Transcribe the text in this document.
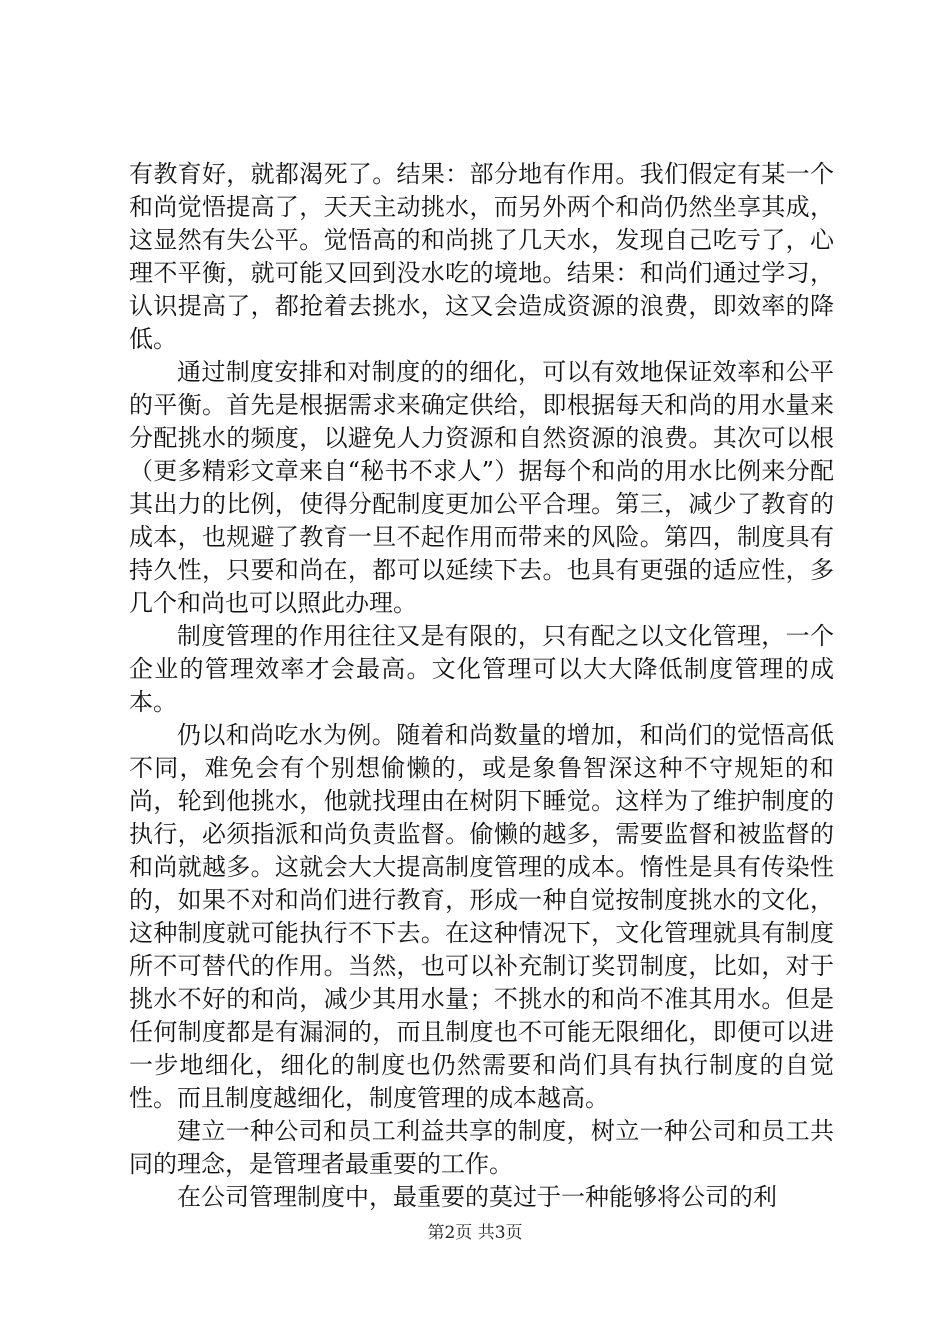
有教育好，就都渴死了。结果：部分地有作用。我们假定有某一个和尚觉悟提高了，天天主动挑水，而另外两个和尚仍然坐享其成，这显然有失公平。觉悟高的和尚挑了几天水，发现自己吃亏了，心理不平衡，就可能又回到没水吃的境地。结果：和尚们通过学习，认识提高了，都抢着去挑水，这又会造成资源的浪费，即效率的降低。

通过制度安排和对制度的的细化，可以有效地保证效率和公平的平衡。首先是根据需求来确定供给，即根据每天和尚的用水量来分配挑水的频度，以避免人力资源和自然资源的浪费。其次可以根（更多精彩文章来自“秘书不求人”）据每个和尚的用水比例来分配其出力的比例，使得分配制度更加公平合理。第三，减少了教育的成本，也规避了教育一旦不起作用而带来的风险。第四，制度具有持久性，只要和尚在，都可以延续下去。也具有更强的适应性，多几个和尚也可以照此办理。

制度管理的作用往往又是有限的，只有配之以文化管理，一个企业的管理效率才会最高。文化管理可以大大降低制度管理的成本。

仍以和尚吃水为例。随着和尚数量的增加，和尚们的觉悟高低不同，难免会有个别想偷懒的，或是象鲁智深这种不守规矩的和尚，轮到他挑水，他就找理由在树阴下睡觉。这样为了维护制度的执行，必须指派和尚负责监督。偷懒的越多，需要监督和被监督的和尚就越多。这就会大大提高制度管理的成本。惰性是具有传染性的，如果不对和尚们进行教育，形成一种自觉按制度挑水的文化，这种制度就可能执行不下去。在这种情况下，文化管理就具有制度所不可替代的作用。当然，也可以补充制订奖罚制度，比如，对于挑水不好的和尚，减少其用水量；不挑水的和尚不准其用水。但是任何制度都是有漏洞的，而且制度也不可能无限细化，即便可以进一步地细化，细化的制度也仍然需要和尚们具有执行制度的自觉性。而且制度越细化，制度管理的成本越高。

建立一种公司和员工利益共享的制度，树立一种公司和员工共同的理念，是管理者最重要的工作。

在公司管理制度中，最重要的莫过于一种能够将公司的利

第2页 共3页
